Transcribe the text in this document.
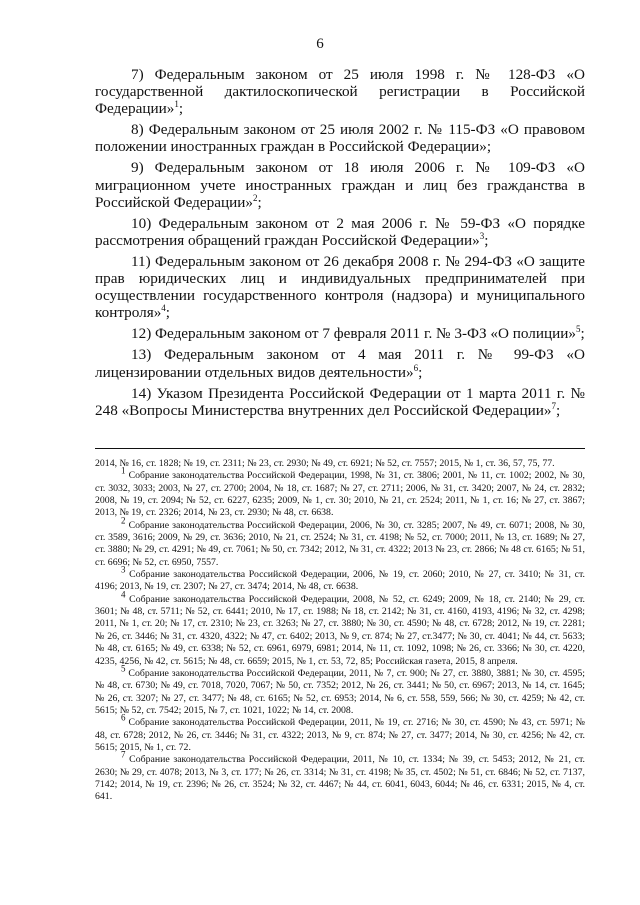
6

7) Федеральным законом от 25 июля 1998 г. № 128-ФЗ «О государственной дактилоскопической регистрации в Российской Федерации»$^1$;

8) Федеральным законом от 25 июля 2002 г. № 115-ФЗ «О правовом положении иностранных граждан в Российской Федерации»;

9) Федеральным законом от 18 июля 2006 г. № 109-ФЗ «О миграционном учете иностранных граждан и лиц без гражданства в Российской Федерации»$^2$;

10) Федеральным законом от 2 мая 2006 г. № 59-ФЗ «О порядке рассмотрения обращений граждан Российской Федерации»$^3$;

11) Федеральным законом от 26 декабря 2008 г. № 294-ФЗ «О защите прав юридических лиц и индивидуальных предпринимателей при осуществлении государственного контроля (надзора) и муниципального контроля»$^4$;

12) Федеральным законом от 7 февраля 2011 г. № 3-ФЗ «О полиции»$^5$;

13) Федеральным законом от 4 мая 2011 г. № 99-ФЗ «О лицензировании отдельных видов деятельности»$^6$;

14) Указом Президента Российской Федерации от 1 марта 2011 г. № 248 «Вопросы Министерства внутренних дел Российской Федерации»$^7$;

2014, № 16, ст. 1828; № 19, ст. 2311; № 23, ст. 2930; № 49, ст. 6921; № 52, ст. 7557; 2015, № 1, ст. 36, 57, 75, 77.

$^1$ Собрание законодательства Российской Федерации, 1998, № 31, ст. 3806; 2001, № 11, ст. 1002; 2002, № 30, ст. 3032, 3033; 2003, № 27, ст. 2700; 2004, № 18, ст. 1687; № 27, ст. 2711; 2006, № 31, ст. 3420; 2007, № 24, ст. 2832; 2008, № 19, ст. 2094; № 52, ст. 6227, 6235; 2009, № 1, ст. 30; 2010, № 21, ст. 2524; 2011, № 1, ст. 16; № 27, ст. 3867; 2013, № 19, ст. 2326; 2014, № 23, ст. 2930; № 48, ст. 6638.

$^2$ Собрание законодательства Российской Федерации, 2006, № 30, ст. 3285; 2007, № 49, ст. 6071; 2008, № 30, ст. 3589, 3616; 2009, № 29, ст. 3636; 2010, № 21, ст. 2524; № 31, ст. 4198; № 52, ст. 7000; 2011, № 13, ст. 1689; № 27, ст. 3880; № 29, ст. 4291; № 49, ст. 7061; № 50, ст. 7342; 2012, № 31, ст. 4322; 2013 № 23, ст. 2866; № 48 ст. 6165; № 51, ст. 6696; № 52, ст. 6950, 7557.

$^3$ Собрание законодательства Российской Федерации, 2006, № 19, ст. 2060; 2010, № 27, ст. 3410; № 31, ст. 4196; 2013, № 19, ст. 2307; № 27, ст. 3474; 2014, № 48, ст. 6638.

$^4$ Собрание законодательства Российской Федерации, 2008, № 52, ст. 6249; 2009, № 18, ст. 2140; № 29, ст. 3601; № 48, ст. 5711; № 52, ст. 6441; 2010, № 17, ст. 1988; № 18, ст. 2142; № 31, ст. 4160, 4193, 4196; № 32, ст. 4298; 2011, № 1, ст. 20; № 17, ст. 2310; № 23, ст. 3263; № 27, ст. 3880; № 30, ст. 4590; № 48, ст. 6728; 2012, № 19, ст. 2281; № 26, ст. 3446; № 31, ст. 4320, 4322; № 47, ст. 6402; 2013, № 9, ст. 874; № 27, ст.3477; № 30, ст. 4041; № 44, ст. 5633; № 48, ст. 6165; № 49, ст. 6338; № 52, ст. 6961, 6979, 6981; 2014, № 11, ст. 1092, 1098; № 26, ст. 3366; № 30, ст. 4220, 4235, 4256, № 42, ст. 5615; № 48, ст. 6659; 2015, № 1, ст. 53, 72, 85; Российская газета, 2015, 8 апреля.

$^5$ Собрание законодательства Российской Федерации, 2011, № 7, ст. 900; № 27, ст. 3880, 3881; № 30, ст. 4595; № 48, ст. 6730; № 49, ст. 7018, 7020, 7067; № 50, ст. 7352; 2012, № 26, ст. 3441; № 50, ст. 6967; 2013, № 14, ст. 1645; № 26, ст. 3207; № 27, ст. 3477; № 48, ст. 6165; № 52, ст. 6953; 2014, № 6, ст. 558, 559, 566; № 30, ст. 4259; № 42, ст. 5615; № 52, ст. 7542; 2015, № 7, ст. 1021, 1022; № 14, ст. 2008.

$^6$ Собрание законодательства Российской Федерации, 2011, № 19, ст. 2716; № 30, ст. 4590; № 43, ст. 5971; № 48, ст. 6728; 2012, № 26, ст. 3446; № 31, ст. 4322; 2013, № 9, ст. 874; № 27, ст. 3477; 2014, № 30, ст. 4256; № 42, ст. 5615; 2015, № 1, ст. 72.

$^7$ Собрание законодательства Российской Федерации, 2011, № 10, ст. 1334; № 39, ст. 5453; 2012, № 21, ст. 2630; № 29, ст. 4078; 2013, № 3, ст. 177; № 26, ст. 3314; № 31, ст. 4198; № 35, ст. 4502; № 51, ст. 6846; № 52, ст. 7137, 7142; 2014, № 19, ст. 2396; № 26, ст. 3524; № 32, ст. 4467; № 44, ст. 6041, 6043, 6044; № 46, ст. 6331; 2015, № 4, ст. 641.
